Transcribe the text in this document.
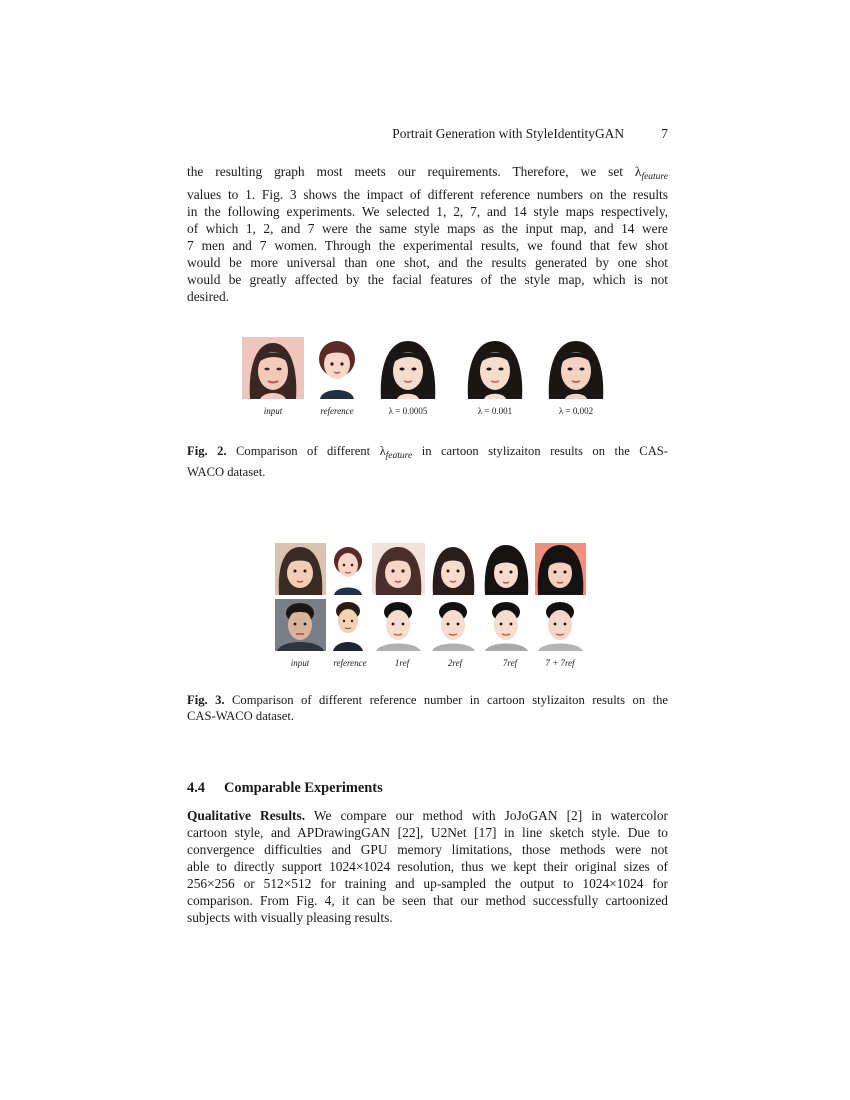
Portrait Generation with StyleIdentityGAN	7

the resulting graph most meets our requirements. Therefore, we set $\lambda_{feature}$
values to 1. Fig. 3 shows the impact of different reference numbers on the results
in the following experiments. We selected 1, 2, 7, and 14 style maps respectively,
of which 1, 2, and 7 were the same style maps as the input map, and 14 were
7 men and 7 women. Through the experimental results, we found that few shot
would be more universal than one shot, and the results generated by one shot
would be greatly affected by the facial features of the style map, which is not
desired.

input	reference	λ = 0.0005	λ = 0.001	λ = 0.002

Fig. 2. Comparison of different $\lambda_{feature}$ in cartoon stylizaiton results on the CAS-
WACO dataset.

input	reference	1ref	2ref	7ref	7 + 7ref

Fig. 3. Comparison of different reference number in cartoon stylizaiton results on the
CAS-WACO dataset.

4.4 Comparable Experiments

Qualitative Results. We compare our method with JoJoGAN [2] in watercolor
cartoon style, and APDrawingGAN [22], U2Net [17] in line sketch style. Due to
convergence difficulties and GPU memory limitations, those methods were not
able to directly support 1024×1024 resolution, thus we kept their original sizes of
256×256 or 512×512 for training and up-sampled the output to 1024×1024 for
comparison. From Fig. 4, it can be seen that our method successfully cartoonized
subjects with visually pleasing results.
